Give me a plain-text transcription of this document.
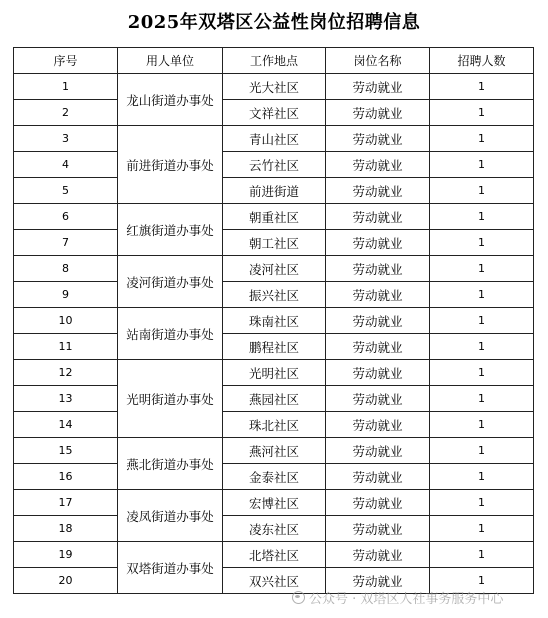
2025年双塔区公益性岗位招聘信息
序号	用人单位	工作地点	岗位名称	招聘人数
1	龙山街道办事处	光大社区	劳动就业	1
2		文祥社区	劳动就业	1
3	前进街道办事处	青山社区	劳动就业	1
4		云竹社区	劳动就业	1
5		前进街道	劳动就业	1
6	红旗街道办事处	朝重社区	劳动就业	1
7		朝工社区	劳动就业	1
8	凌河街道办事处	凌河社区	劳动就业	1
9		振兴社区	劳动就业	1
10	站南街道办事处	珠南社区	劳动就业	1
11		鹏程社区	劳动就业	1
12	光明街道办事处	光明社区	劳动就业	1
13		燕园社区	劳动就业	1
14		珠北社区	劳动就业	1
15	燕北街道办事处	燕河社区	劳动就业	1
16		金泰社区	劳动就业	1
17	凌凤街道办事处	宏博社区	劳动就业	1
18		凌东社区	劳动就业	1
19	双塔街道办事处	北塔社区	劳动就业	1
20		双兴社区	劳动就业	1
公众号 · 双塔区人社事务服务中心
